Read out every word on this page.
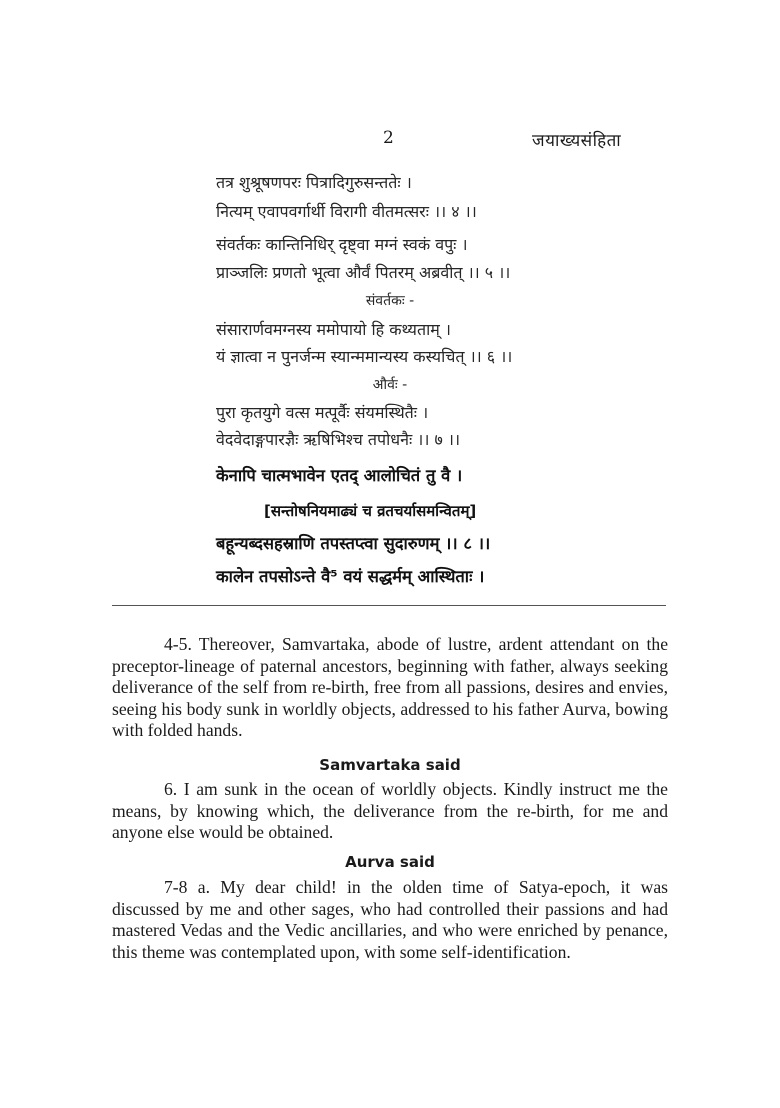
2	जयाख्यसंहिता
तत्र शुश्रूषणपरः पित्रादिगुरुसन्ततेः ।
नित्यम् एवापवर्गार्थी विरागी वीतमत्सरः ।। ४ ।।
संवर्तकः कान्तिनिधिर् दृष्ट्वा मग्नं स्वकं वपुः ।
प्राञ्जलिः प्रणतो भूत्वा और्वं पितरम् अब्रवीत् ।। ५ ।।
संवर्तकः -
संसारार्णवमग्नस्य ममोपायो हि कथ्यताम् ।
यं ज्ञात्वा न पुनर्जन्म स्यान्ममान्यस्य कस्यचित् ।। ६ ।।
और्वः -
पुरा कृतयुगे वत्स मत्पूर्वैः संयमस्थितैः ।
वेदवेदाङ्गपारज्ञैः ऋषिभिश्च तपोधनैः ।। ७ ।।
केनापि चात्मभावेन एतद् आलोचितं तु वै ।
[सन्तोषनियमाढ्यं च व्रतचर्यासमन्वितम्]
बहून्यब्दसहस्राणि तपस्तप्त्वा सुदारुणम् ।। ८ ।।
कालेन तपसोऽन्ते वै⁵ वयं सद्धर्मम् आस्थिताः ।

4-5. Thereover, Samvartaka, abode of lustre, ardent attendant on the preceptor-lineage of paternal ancestors, beginning with father, always seeking deliverance of the self from re-birth, free from all passions, desires and envies, seeing his body sunk in worldly objects, addressed to his father Aurva, bowing with folded hands.

Samvartaka said

6. I am sunk in the ocean of worldly objects. Kindly instruct me the means, by knowing which, the deliverance from the re-birth, for me and anyone else would be obtained.

Aurva said

7-8 a. My dear child! in the olden time of Satya-epoch, it was discussed by me and other sages, who had controlled their passions and had mastered Vedas and the Vedic ancillaries, and who were enriched by penance, this theme was contemplated upon, with some self-identification.
